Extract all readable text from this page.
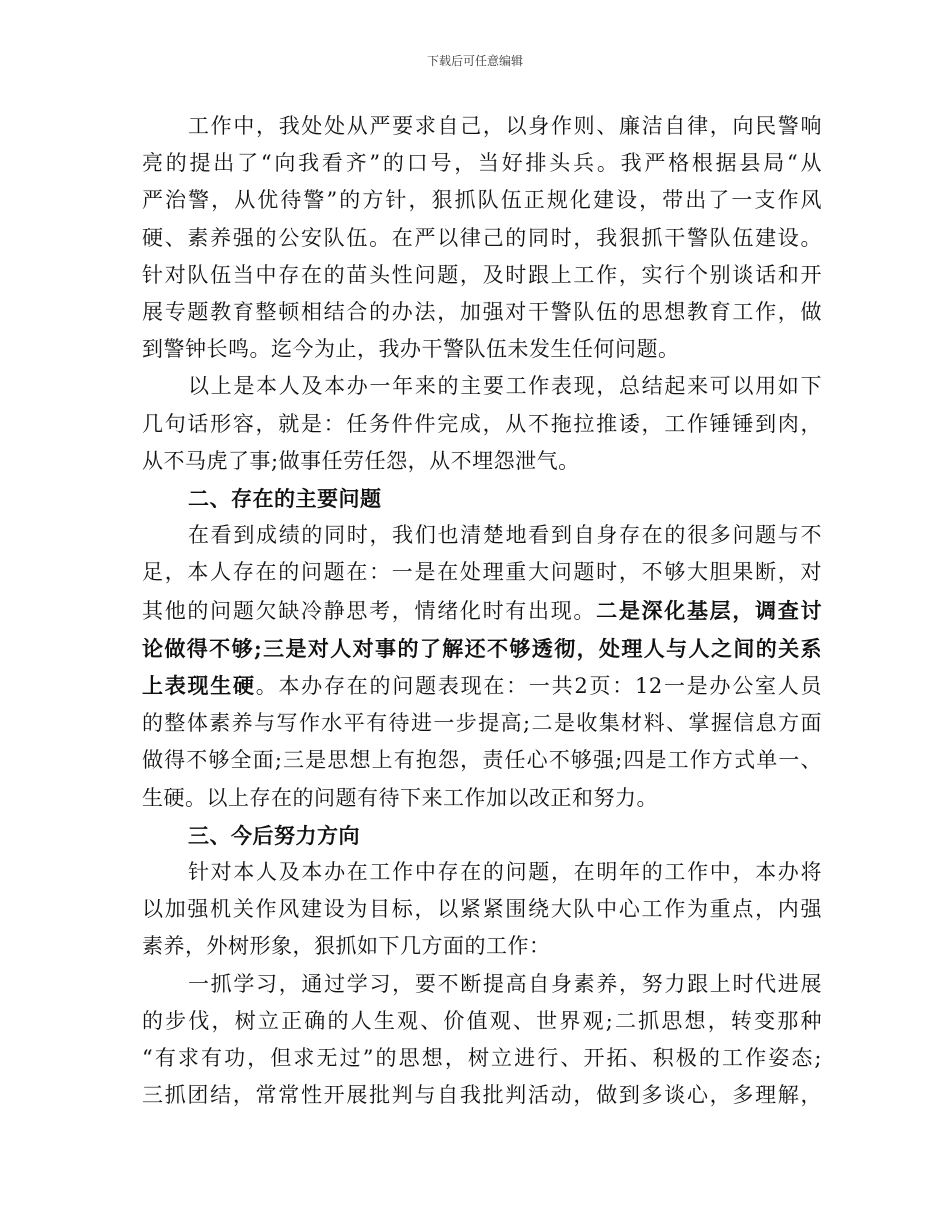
下载后可任意编辑
工作中，我处处从严要求自己，以身作则、廉洁自律，向民警响
亮的提出了“向我看齐”的口号，当好排头兵。我严格根据县局“从
严治警，从优待警”的方针，狠抓队伍正规化建设，带出了一支作风
硬、素养强的公安队伍。在严以律己的同时，我狠抓干警队伍建设。
针对队伍当中存在的苗头性问题，及时跟上工作，实行个别谈话和开
展专题教育整顿相结合的办法，加强对干警队伍的思想教育工作，做
到警钟长鸣。迄今为止，我办干警队伍未发生任何问题。
以上是本人及本办一年来的主要工作表现，总结起来可以用如下
几句话形容，就是：任务件件完成，从不拖拉推诿，工作锤锤到肉，
从不马虎了事;做事任劳任怨，从不埋怨泄气。
二、存在的主要问题
在看到成绩的同时，我们也清楚地看到自身存在的很多问题与不
足，本人存在的问题在：一是在处理重大问题时，不够大胆果断，对
其他的问题欠缺冷静思考，情绪化时有出现。二是深化基层，调查讨
论做得不够;三是对人对事的了解还不够透彻，处理人与人之间的关系
上表现生硬。本办存在的问题表现在：一共2页：12一是办公室人员
的整体素养与写作水平有待进一步提高;二是收集材料、掌握信息方面
做得不够全面;三是思想上有抱怨，责任心不够强;四是工作方式单一、
生硬。以上存在的问题有待下来工作加以改正和努力。
三、今后努力方向
针对本人及本办在工作中存在的问题，在明年的工作中，本办将
以加强机关作风建设为目标，以紧紧围绕大队中心工作为重点，内强
素养，外树形象，狠抓如下几方面的工作：
一抓学习，通过学习，要不断提高自身素养，努力跟上时代进展
的步伐，树立正确的人生观、价值观、世界观;二抓思想，转变那种
“有求有功，但求无过”的思想，树立进行、开拓、积极的工作姿态;
三抓团结，常常性开展批判与自我批判活动，做到多谈心，多理解，
